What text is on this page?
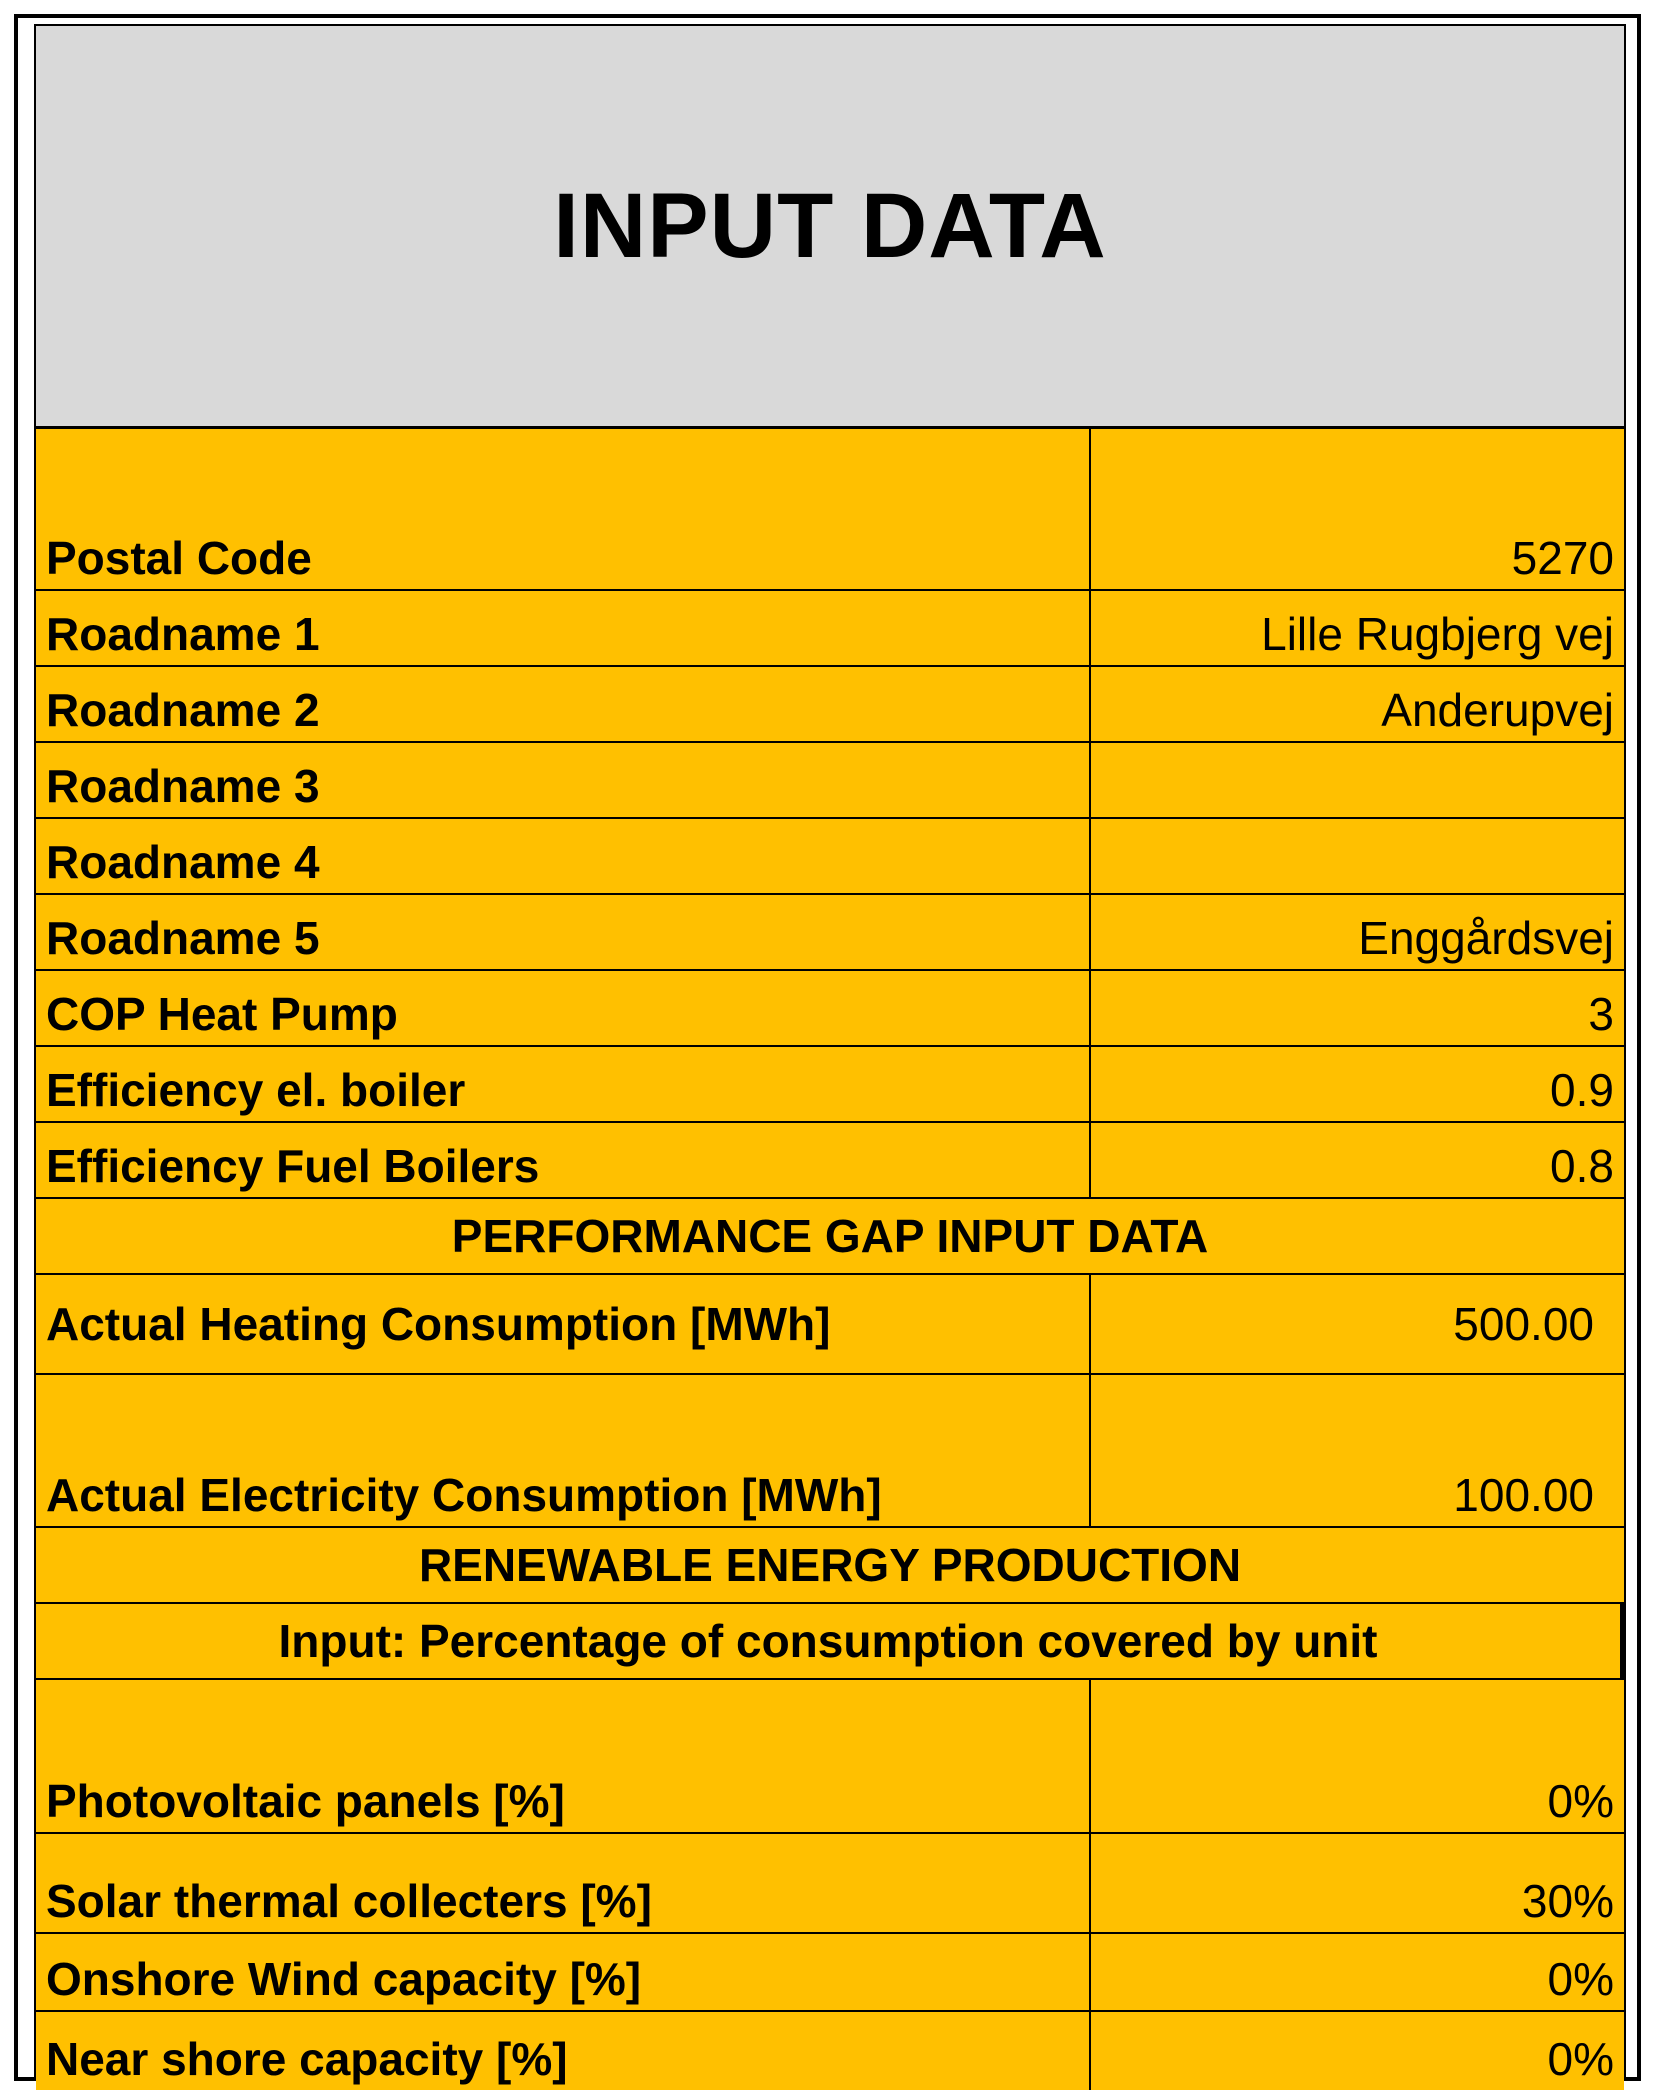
INPUT DATA
Postal Code	5270
Roadname 1	Lille Rugbjerg vej
Roadname 2	Anderupvej
Roadname 3
Roadname 4
Roadname 5	Enggårdsvej
COP Heat Pump	3
Efficiency el. boiler	0.9
Efficiency Fuel Boilers	0.8
PERFORMANCE GAP INPUT DATA
Actual Heating Consumption [MWh]	500.00
Actual Electricity Consumption [MWh]	100.00
RENEWABLE ENERGY PRODUCTION
Input: Percentage of consumption covered by unit
Photovoltaic panels [%]	0%
Solar thermal collecters [%]	30%
Onshore Wind capacity [%]	0%
Near shore capacity [%]	0%
